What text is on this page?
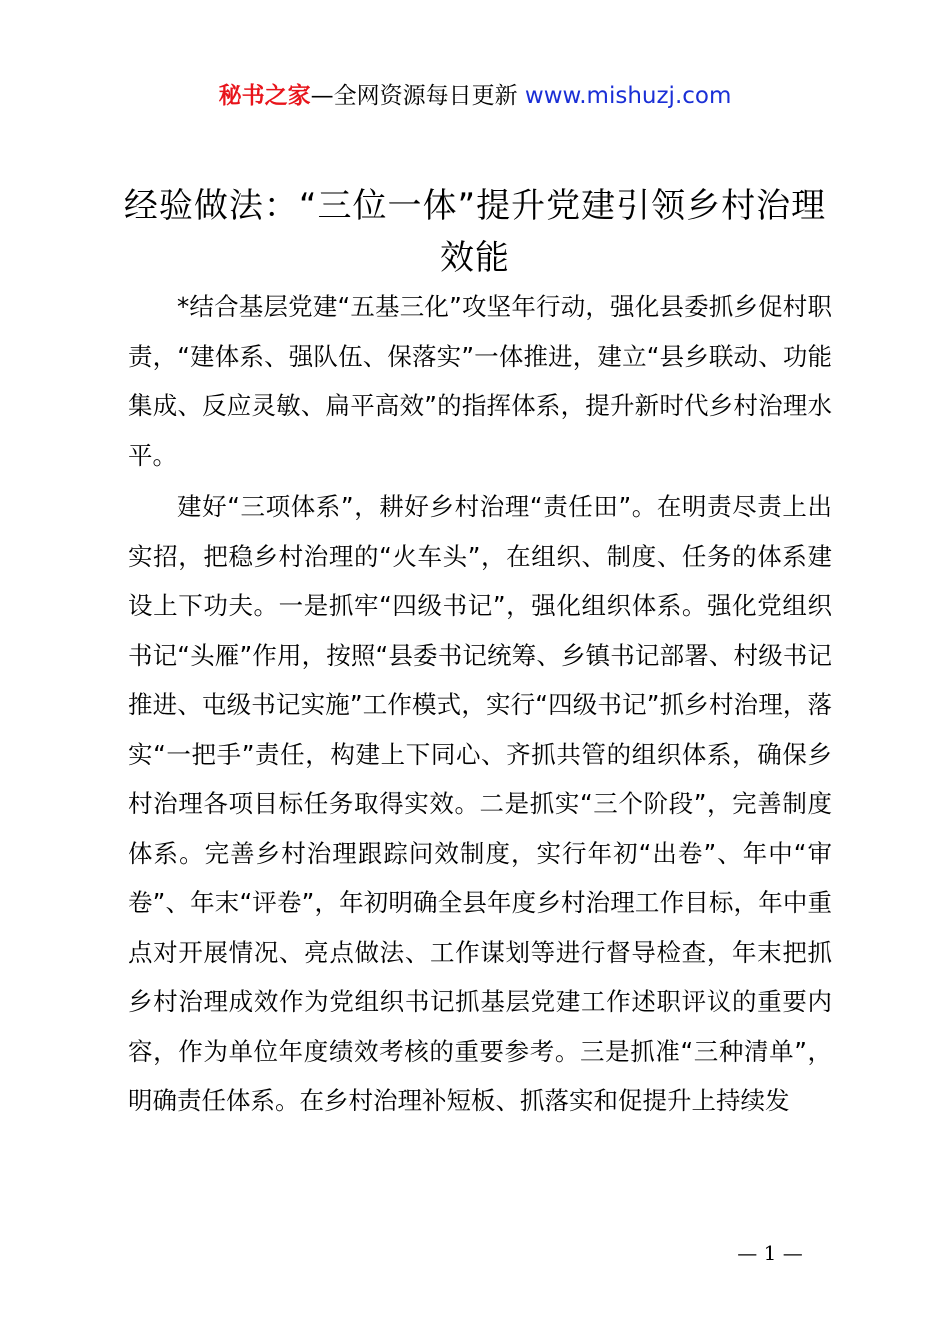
秘书之家—全网资源每日更新 www.mishuzj.com
经验做法：“三位一体”提升党建引领乡村治理效能

*结合基层党建“五基三化”攻坚年行动，强化县委抓乡促村职责，“建体系、强队伍、保落实”一体推进，建立“县乡联动、功能集成、反应灵敏、扁平高效”的指挥体系，提升新时代乡村治理水平。

建好“三项体系”，耕好乡村治理“责任田”。在明责尽责上出实招，把稳乡村治理的“火车头”，在组织、制度、任务的体系建设上下功夫。一是抓牢“四级书记”，强化组织体系。强化党组织书记“头雁”作用，按照“县委书记统筹、乡镇书记部署、村级书记推进、屯级书记实施”工作模式，实行“四级书记”抓乡村治理，落实“一把手”责任，构建上下同心、齐抓共管的组织体系，确保乡村治理各项目标任务取得实效。二是抓实“三个阶段”，完善制度体系。完善乡村治理跟踪问效制度，实行年初“出卷”、年中“审卷”、年末“评卷”，年初明确全县年度乡村治理工作目标，年中重点对开展情况、亮点做法、工作谋划等进行督导检查，年末把抓乡村治理成效作为党组织书记抓基层党建工作述职评议的重要内容，作为单位年度绩效考核的重要参考。三是抓准“三种清单”，明确责任体系。在乡村治理补短板、抓落实和促提升上持续发

— 1 —
